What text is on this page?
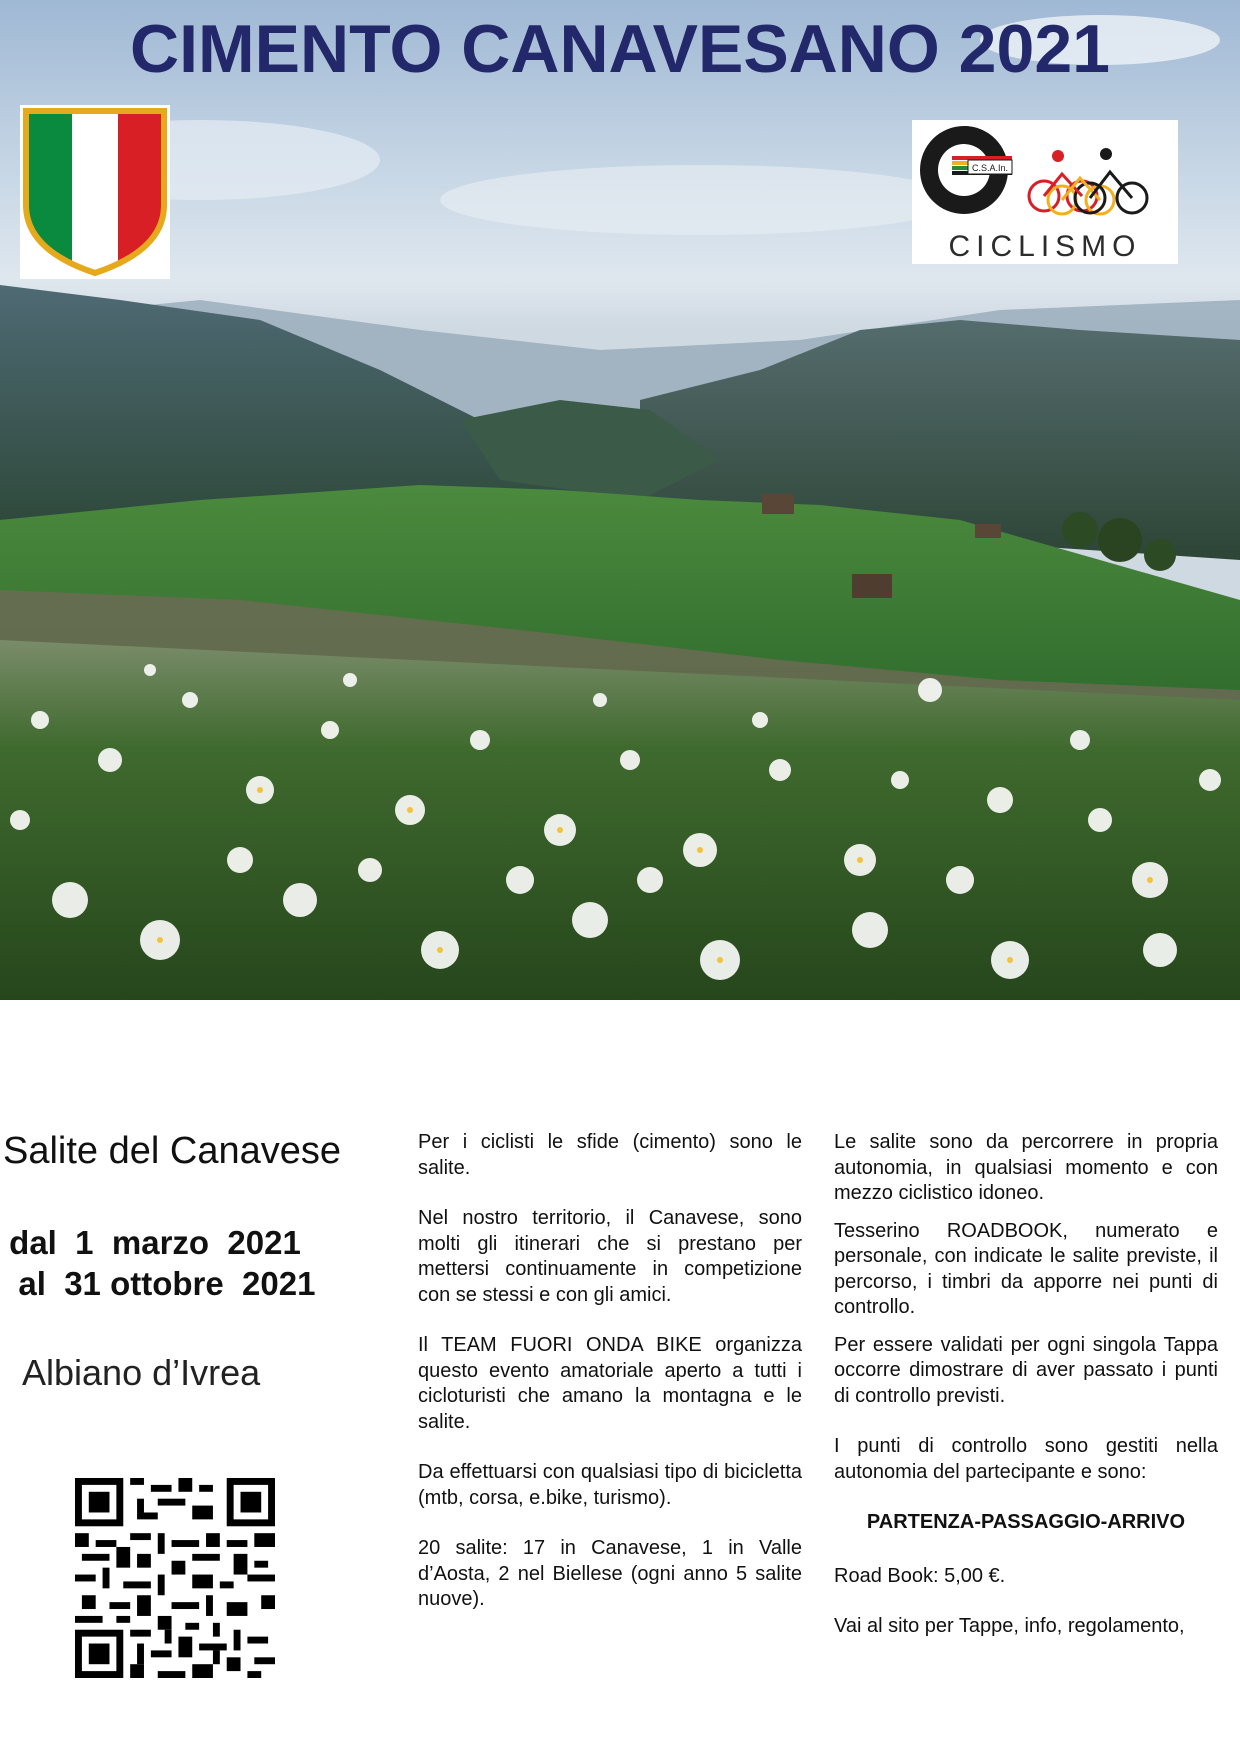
CIMENTO CANAVESANO 2021
C.S.A.In.
CICLISMO
Salite del Canavese
dal  1  marzo  2021
al  31 ottobre  2021
Albiano d’Ivrea

Per i ciclisti le sfide (cimento) sono le salite.

Nel nostro territorio, il Canavese, sono molti gli itinerari che si prestano per mettersi continuamente in competizione con se stessi e con gli amici.

Il TEAM FUORI ONDA BIKE organizza questo evento amatoriale aperto a tutti i cicloturisti che amano la montagna e le salite.

Da effettuarsi con qualsiasi tipo di bicicletta (mtb, corsa, e.bike, turismo).

20 salite: 17 in Canavese, 1 in Valle d’Aosta, 2 nel Biellese (ogni anno 5 salite nuove).

Le salite sono da percorrere in propria autonomia, in qualsiasi momento e con mezzo ciclistico idoneo.

Tesserino ROADBOOK, numerato e personale, con indicate le salite previste, il percorso, i timbri da apporre nei punti di controllo.

Per essere validati per ogni singola Tappa occorre dimostrare di aver passato i punti di controllo previsti.

I punti di controllo sono gestiti nella autonomia del partecipante e sono:

PARTENZA-PASSAGGIO-ARRIVO

Road Book: 5,00 €.

Vai al sito per Tappe, info, regolamento,
